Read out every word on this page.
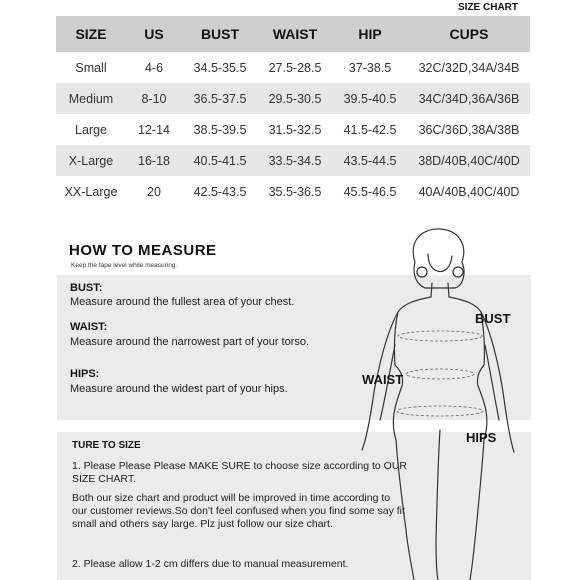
SIZE CHART
SIZE	US	BUST	WAIST	HIP	CUPS
Small	4-6	34.5-35.5	27.5-28.5	37-38.5	32C/32D,34A/34B
Medium	8-10	36.5-37.5	29.5-30.5	39.5-40.5	34C/34D,36A/36B
Large	12-14	38.5-39.5	31.5-32.5	41.5-42.5	36C/36D,38A/38B
X-Large	16-18	40.5-41.5	33.5-34.5	43.5-44.5	38D/40B,40C/40D
XX-Large	20	42.5-43.5	35.5-36.5	45.5-46.5	40A/40B,40C/40D
HOW TO MEASURE
Keep the tape level while measuring.
BUST:
Measure around the fullest area of your chest.
WAIST:
Measure around the narrowest part of your torso.
HIPS:
Measure around the widest part of your hips.
TURE TO SIZE
1. Please Please Please MAKE SURE to choose size according to OUR SIZE CHART.
Both our size chart and product will be improved in time according to our customer reviews.So don't feel confused when you find some say fit small and others say large. Plz just follow our size chart.
2. Please allow 1-2 cm differs due to manual measurement.
BUST
WAIST
HIPS
